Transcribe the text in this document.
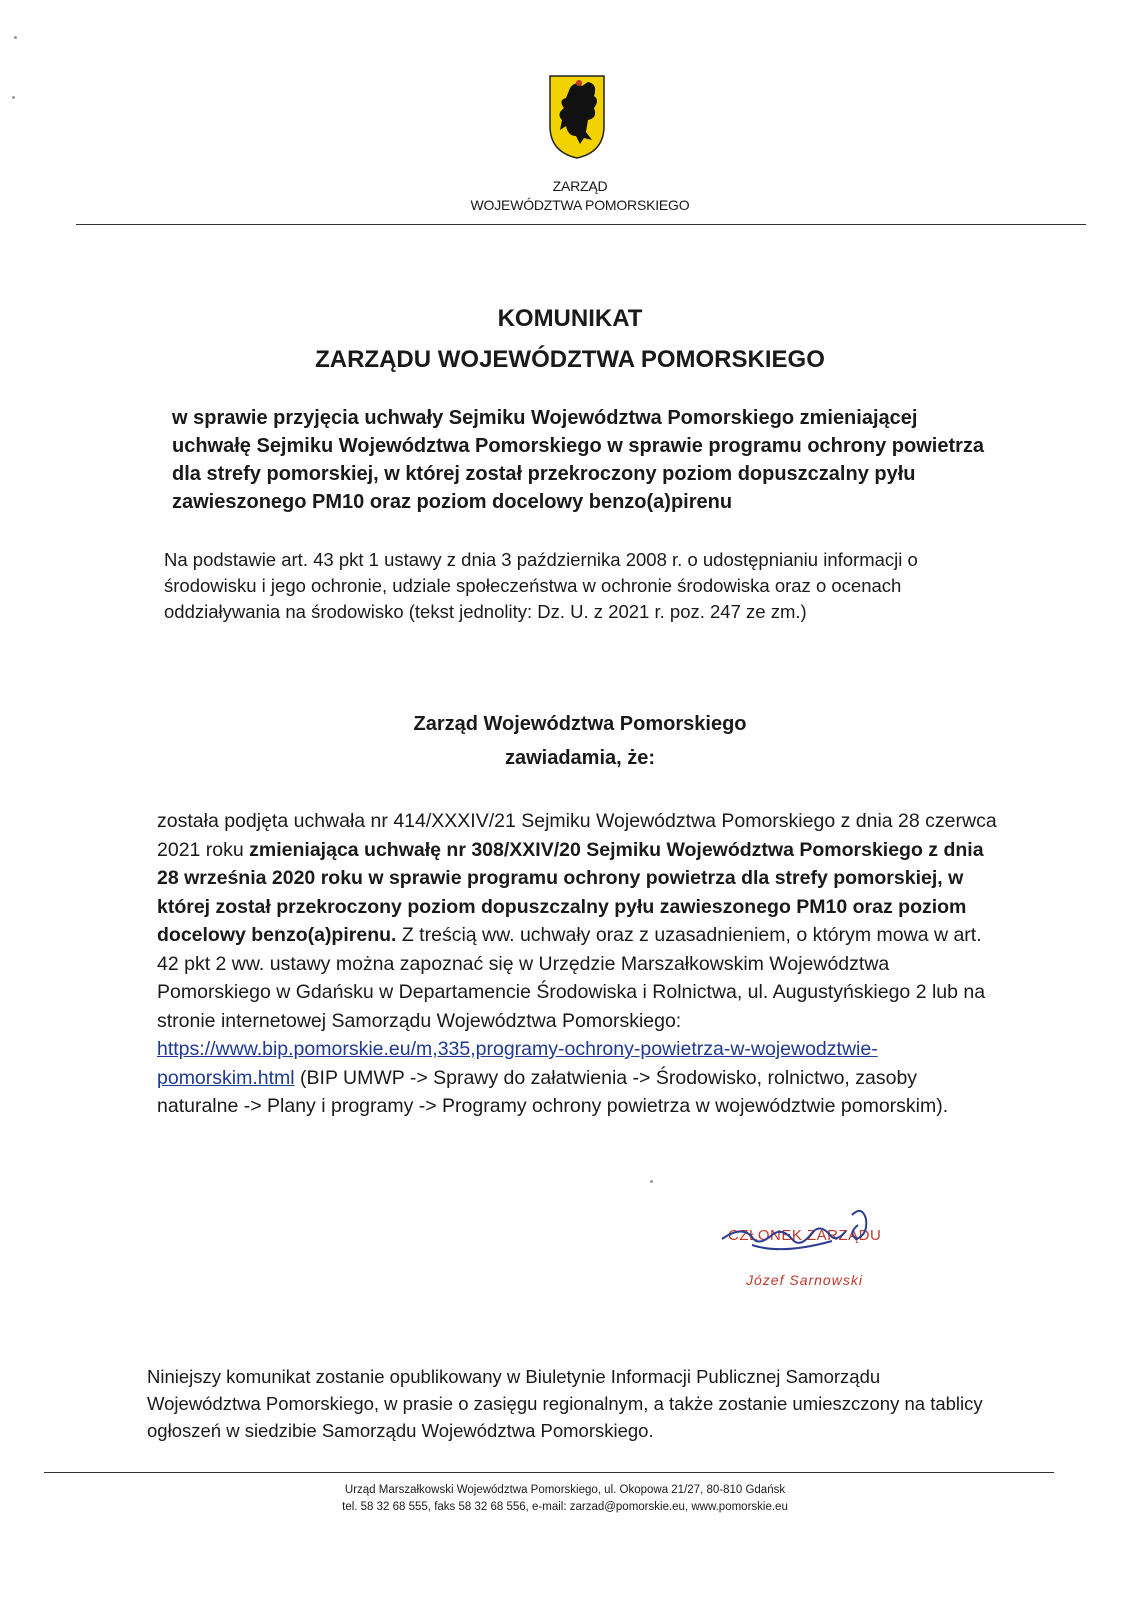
ZARZĄD
WOJEWÓDZTWA POMORSKIEGO
KOMUNIKAT
ZARZĄDU WOJEWÓDZTWA POMORSKIEGO
w sprawie przyjęcia uchwały Sejmiku Województwa Pomorskiego zmieniającej uchwałę Sejmiku Województwa Pomorskiego w sprawie programu ochrony powietrza dla strefy pomorskiej, w której został przekroczony poziom dopuszczalny pyłu zawieszonego PM10 oraz poziom docelowy benzo(a)pirenu
Na podstawie art. 43 pkt 1 ustawy z dnia 3 października 2008 r. o udostępnianiu informacji o środowisku i jego ochronie, udziale społeczeństwa w ochronie środowiska oraz o ocenach oddziaływania na środowisko (tekst jednolity: Dz. U. z 2021 r. poz. 247 ze zm.)
Zarząd Województwa Pomorskiego
zawiadamia, że:
została podjęta uchwała nr 414/XXXIV/21 Sejmiku Województwa Pomorskiego z dnia 28 czerwca 2021 roku zmieniająca uchwałę nr 308/XXIV/20 Sejmiku Województwa Pomorskiego z dnia 28 września 2020 roku w sprawie programu ochrony powietrza dla strefy pomorskiej, w której został przekroczony poziom dopuszczalny pyłu zawieszonego PM10 oraz poziom docelowy benzo(a)pirenu. Z treścią ww. uchwały oraz z uzasadnieniem, o którym mowa w art. 42 pkt 2 ww. ustawy można zapoznać się w Urzędzie Marszałkowskim Województwa Pomorskiego w Gdańsku w Departamencie Środowiska i Rolnictwa, ul. Augustyńskiego 2 lub na stronie internetowej Samorządu Województwa Pomorskiego: https://www.bip.pomorskie.eu/m,335,programy-ochrony-powietrza-w-wojewodztwie-pomorskim.html (BIP UMWP -> Sprawy do załatwienia -> Środowisko, rolnictwo, zasoby naturalne -> Plany i programy -> Programy ochrony powietrza w województwie pomorskim).
CZŁONEK ZARZĄDU
Józef Sarnowski
Niniejszy komunikat zostanie opublikowany w Biuletynie Informacji Publicznej Samorządu Województwa Pomorskiego, w prasie o zasięgu regionalnym, a także zostanie umieszczony na tablicy ogłoszeń w siedzibie Samorządu Województwa Pomorskiego.
Urząd Marszałkowski Województwa Pomorskiego, ul. Okopowa 21/27, 80-810 Gdańsk
tel. 58 32 68 555, faks 58 32 68 556, e-mail: zarzad@pomorskie.eu, www.pomorskie.eu
